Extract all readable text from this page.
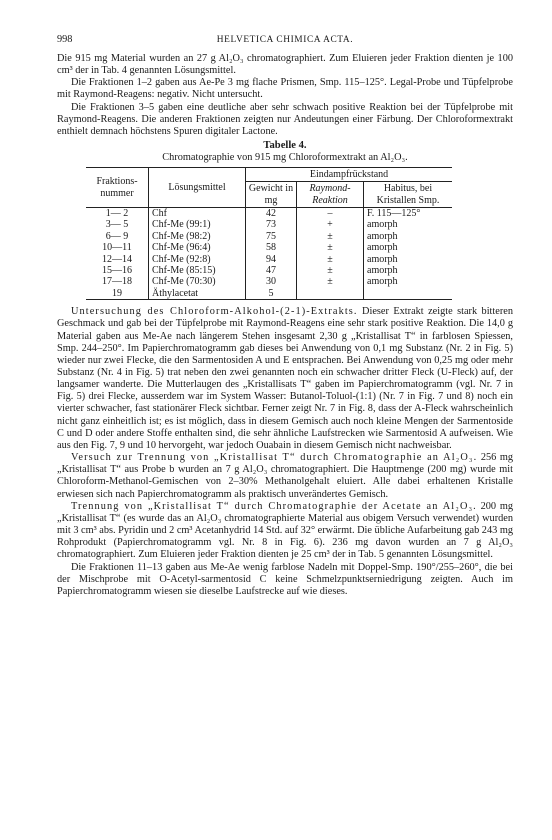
998	HELVETICA CHIMICA ACTA.

Die 915 mg Material wurden an 27 g Al₂O₃ chromatographiert. Zum Eluieren jeder Fraktion dienten je 100 cm³ der in Tab. 4 genannten Lösungsmittel.

Die Fraktionen 1–2 gaben aus Ae-Pe 3 mg flache Prismen, Smp. 115–125°. Legal-Probe und Tüpfelprobe mit Raymond-Reagens: negativ. Nicht untersucht.

Die Fraktionen 3–5 gaben eine deutliche aber sehr schwach positive Reaktion bei der Tüpfelprobe mit Raymond-Reagens. Die anderen Fraktionen zeigten nur Andeutungen einer Färbung. Der Chloroformextrakt enthielt demnach höchstens Spuren digitaler Lactone.

Tabelle 4.
Chromatographie von 915 mg Chloroformextrakt an Al₂O₃.
Fraktions-nummer	Lösungsmittel	Eindampfrückstand		
		Gewicht in mg	Raymond-Reaktion	Habitus, bei Kristallen Smp.
1— 2	Chf	42	–	F. 115—125°
3— 5	Chf-Me (99:1)	73	+	amorph
6— 9	Chf-Me (98:2)	75	±	amorph
10—11	Chf-Me (96:4)	58	±	amorph
12—14	Chf-Me (92:8)	94	±	amorph
15—16	Chf-Me (85:15)	47	±	amorph
17—18	Chf-Me (70:30)	30	±	amorph
19	Äthylacetat	5		

Untersuchung des Chloroform-Alkohol-(2-1)-Extrakts. Dieser Extrakt zeigte stark bitteren Geschmack und gab bei der Tüpfelprobe mit Raymond-Reagens eine sehr stark positive Reaktion. Die 14,0 g Material gaben aus Me-Ae nach längerem Stehen insgesamt 2,30 g „Kristallisat T“ in farblosen Spiessen, Smp. 244–250°. Im Papierchromatogramm gab dieses bei Anwendung von 0,1 mg Substanz (Nr. 2 in Fig. 5) wieder nur zwei Flecke, die den Sarmentosiden A und E entsprachen. Bei Anwendung von 0,25 mg oder mehr Substanz (Nr. 4 in Fig. 5) trat neben den zwei genannten noch ein schwacher dritter Fleck (U-Fleck) auf, der langsamer wanderte. Die Mutterlaugen des „Kristallisats T“ gaben im Papierchromatogramm (vgl. Nr. 7 in Fig. 5) drei Flecke, ausserdem war im System Wasser: Butanol-Toluol-(1:1) (Nr. 7 in Fig. 7 und 8) noch ein vierter schwacher, fast stationärer Fleck sichtbar. Ferner zeigt Nr. 7 in Fig. 8, dass der A-Fleck wahrscheinlich nicht ganz einheitlich ist; es ist möglich, dass in diesem Gemisch auch noch kleine Mengen der Sarmentoside C und D oder andere Stoffe enthalten sind, die sehr ähnliche Laufstrecken wie Sarmentosid A aufweisen. Wie aus den Fig. 7, 9 und 10 hervorgeht, war jedoch Ouabain in diesem Gemisch nicht nachweisbar.

Versuch zur Trennung von „Kristallisat T“ durch Chromatographie an Al₂O₃. 256 mg „Kristallisat T“ aus Probe b wurden an 7 g Al₂O₃ chromatographiert. Die Hauptmenge (200 mg) wurde mit Chloroform-Methanol-Gemischen von 2–30% Methanolgehalt eluiert. Alle dabei erhaltenen Kristalle erwiesen sich nach Papierchromatogramm als praktisch unverändertes Gemisch.

Trennung von „Kristallisat T“ durch Chromatographie der Acetate an Al₂O₃. 200 mg „Kristallisat T“ (es wurde das an Al₂O₃ chromatographierte Material aus obigem Versuch verwendet) wurden mit 3 cm³ abs. Pyridin und 2 cm³ Acetanhydrid 14 Std. auf 32° erwärmt. Die übliche Aufarbeitung gab 243 mg Rohprodukt (Papierchromatogramm vgl. Nr. 8 in Fig. 6). 236 mg davon wurden an 7 g Al₂O₃ chromatographiert. Zum Eluieren jeder Fraktion dienten je 25 cm³ der in Tab. 5 genannten Lösungsmittel.

Die Fraktionen 11–13 gaben aus Me-Ae wenig farblose Nadeln mit Doppel-Smp. 190°/255–260°, die bei der Mischprobe mit O-Acetyl-sarmentosid C keine Schmelzpunktserniedrigung zeigten. Auch im Papierchromatogramm wiesen sie dieselbe Laufstrecke auf wie dieses.
